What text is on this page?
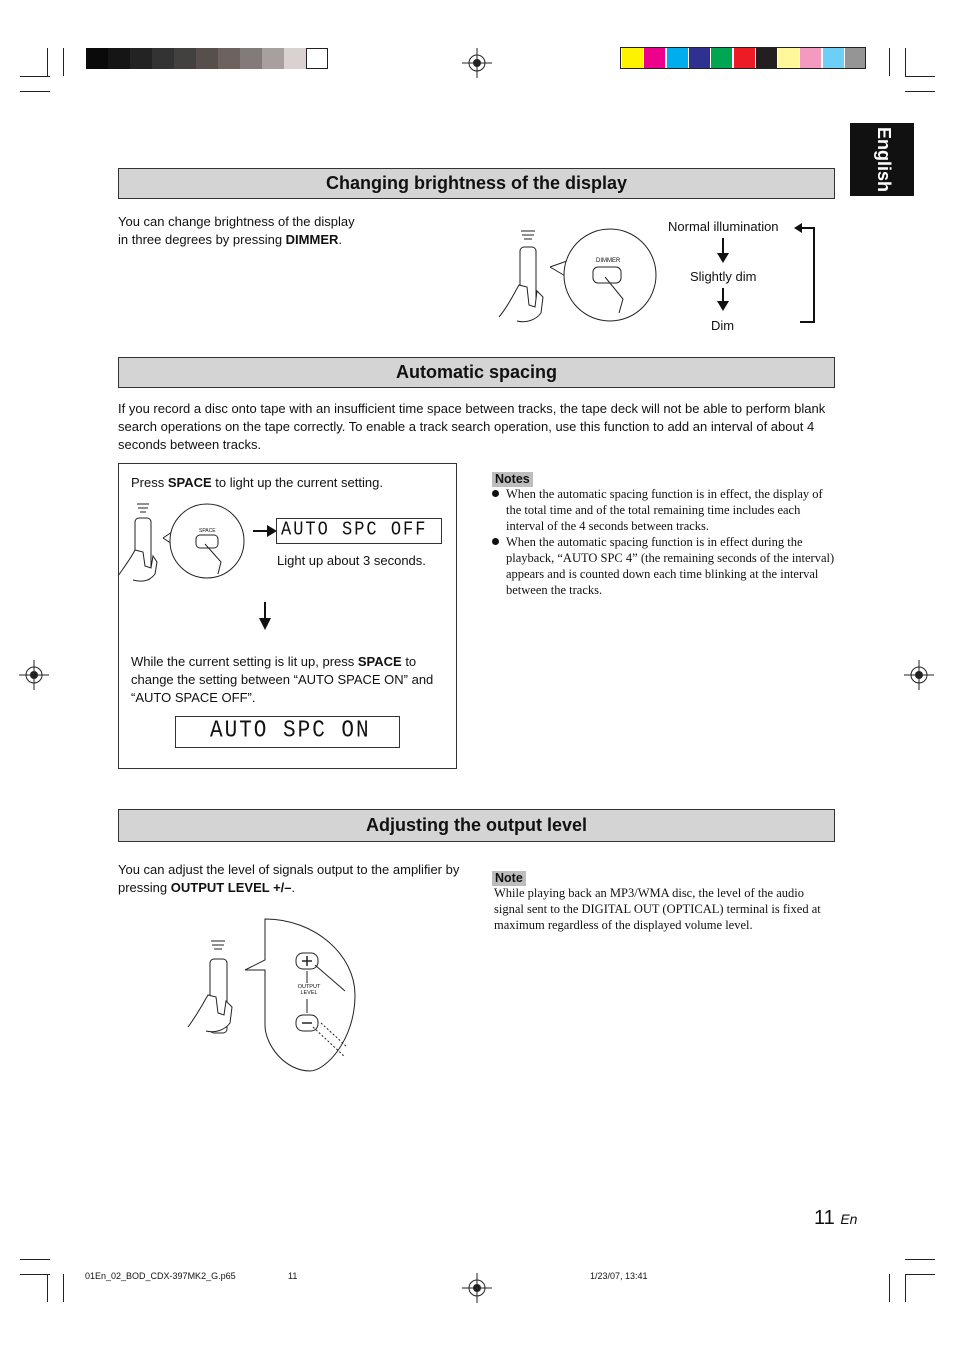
English
Changing brightness of the display
You can change brightness of the display in three degrees by pressing DIMMER.
DIMMER
Normal illumination
Slightly dim
Dim
Automatic spacing
If you record a disc onto tape with an insufficient time space between tracks, the tape deck will not be able to perform blank search operations on the tape correctly. To enable a track search operation, use this function to add an interval of about 4 seconds between tracks.
Press SPACE to light up the current setting.
SPACE	AUTO SPC OFF
Light up about 3 seconds.
While the current setting is lit up, press SPACE to change the setting between “AUTO SPACE ON” and “AUTO SPACE OFF”.
AUTO SPC ON
Notes
When the automatic spacing function is in effect, the display of the total time and of the total remaining time includes each interval of the 4 seconds between tracks.
When the automatic spacing function is in effect during the playback, “AUTO SPC 4” (the remaining seconds of the interval) appears and is counted down each time blinking at the interval between the tracks.
Adjusting the output level
You can adjust the level of signals output to the amplifier by pressing OUTPUT LEVEL +/–.
Note
While playing back an MP3/WMA disc, the level of the audio signal sent to the DIGITAL OUT (OPTICAL) terminal is fixed at maximum regardless of the displayed volume level.
OUTPUT
LEVEL
11 En
01En_02_BOD_CDX-397MK2_G.p65	11	1/23/07, 13:41
